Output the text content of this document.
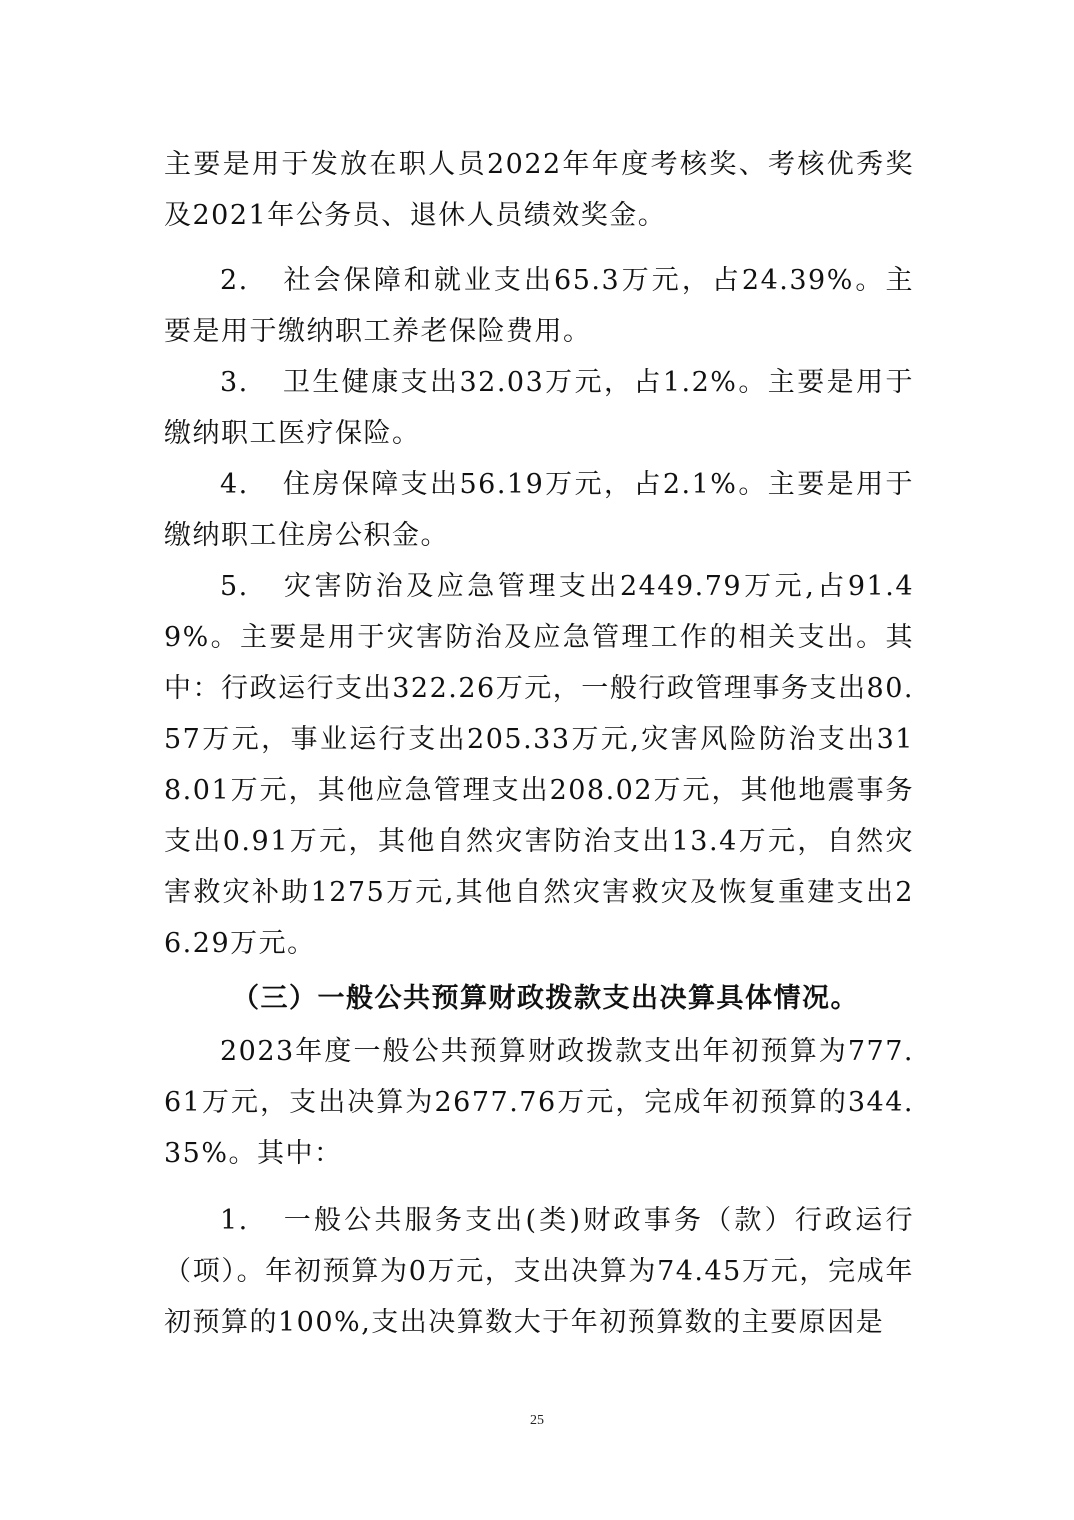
主要是用于发放在职人员2022年年度考核奖、考核优秀奖及2021年公务员、退休人员绩效奖金。

2. 社会保障和就业支出65.3万元，占24.39%。主要是用于缴纳职工养老保险费用。

3. 卫生健康支出32.03万元，占1.2%。主要是用于缴纳职工医疗保险。

4. 住房保障支出56.19万元，占2.1%。主要是用于缴纳职工住房公积金。

5. 灾害防治及应急管理支出2449.79万元,占91.49%。主要是用于灾害防治及应急管理工作的相关支出。其中：行政运行支出322.26万元，一般行政管理事务支出80.57万元，事业运行支出205.33万元,灾害风险防治支出318.01万元，其他应急管理支出208.02万元，其他地震事务支出0.91万元，其他自然灾害防治支出13.4万元，自然灾害救灾补助1275万元,其他自然灾害救灾及恢复重建支出26.29万元。

（三）一般公共预算财政拨款支出决算具体情况。

2023年度一般公共预算财政拨款支出年初预算为777.61万元，支出决算为2677.76万元，完成年初预算的344.35%。其中：

1. 一般公共服务支出(类)财政事务（款）行政运行（项）。年初预算为0万元，支出决算为74.45万元，完成年初预算的100%,支出决算数大于年初预算数的主要原因是

25
